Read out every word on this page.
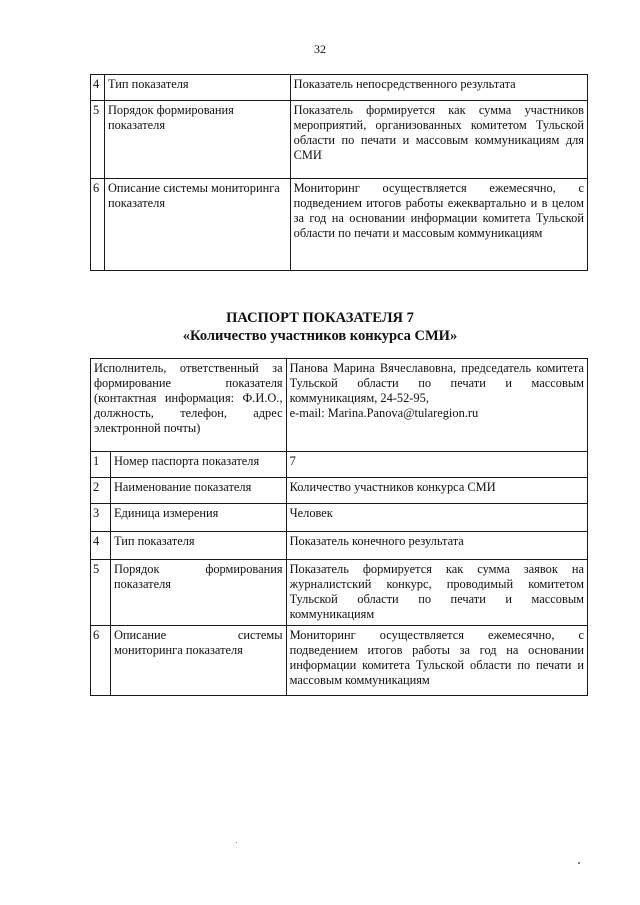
32
4	Тип показателя	Показатель непосредственного результата
5	Порядок формирования показателя	Показатель формируется как сумма участников мероприятий, организованных комитетом Тульской области по печати и массовым коммуникациям для СМИ
6	Описание системы мониторинга показателя	Мониторинг осуществляется ежемесячно, с подведением итогов работы ежеквартально и в целом за год на основании информации комитета Тульской области по печати и массовым коммуникациям
ПАСПОРТ ПОКАЗАТЕЛЯ 7
«Количество участников конкурса СМИ»
Исполнитель, ответственный за формирование показателя (контактная информация: Ф.И.О., должность, телефон, адрес электронной почты)		Панова Марина Вячеславовна, председатель комитета Тульской области по печати и массовым коммуникациям, 24-52-95,
e-mail: Marina.Panova@tularegion.ru

1	Номер паспорта показателя	7
2	Наименование показателя	Количество участников конкурса СМИ
3	Единица измерения	Человек
4	Тип показателя	Показатель конечного результата
5	Порядок формирования показателя	Показатель формируется как сумма заявок на журналистский конкурс, проводимый комитетом Тульской области по печати и массовым коммуникациям
6	Описание системы мониторинга показателя	Мониторинг осуществляется ежемесячно, с подведением итогов работы за год на основании информации комитета Тульской области по печати и массовым коммуникациям
